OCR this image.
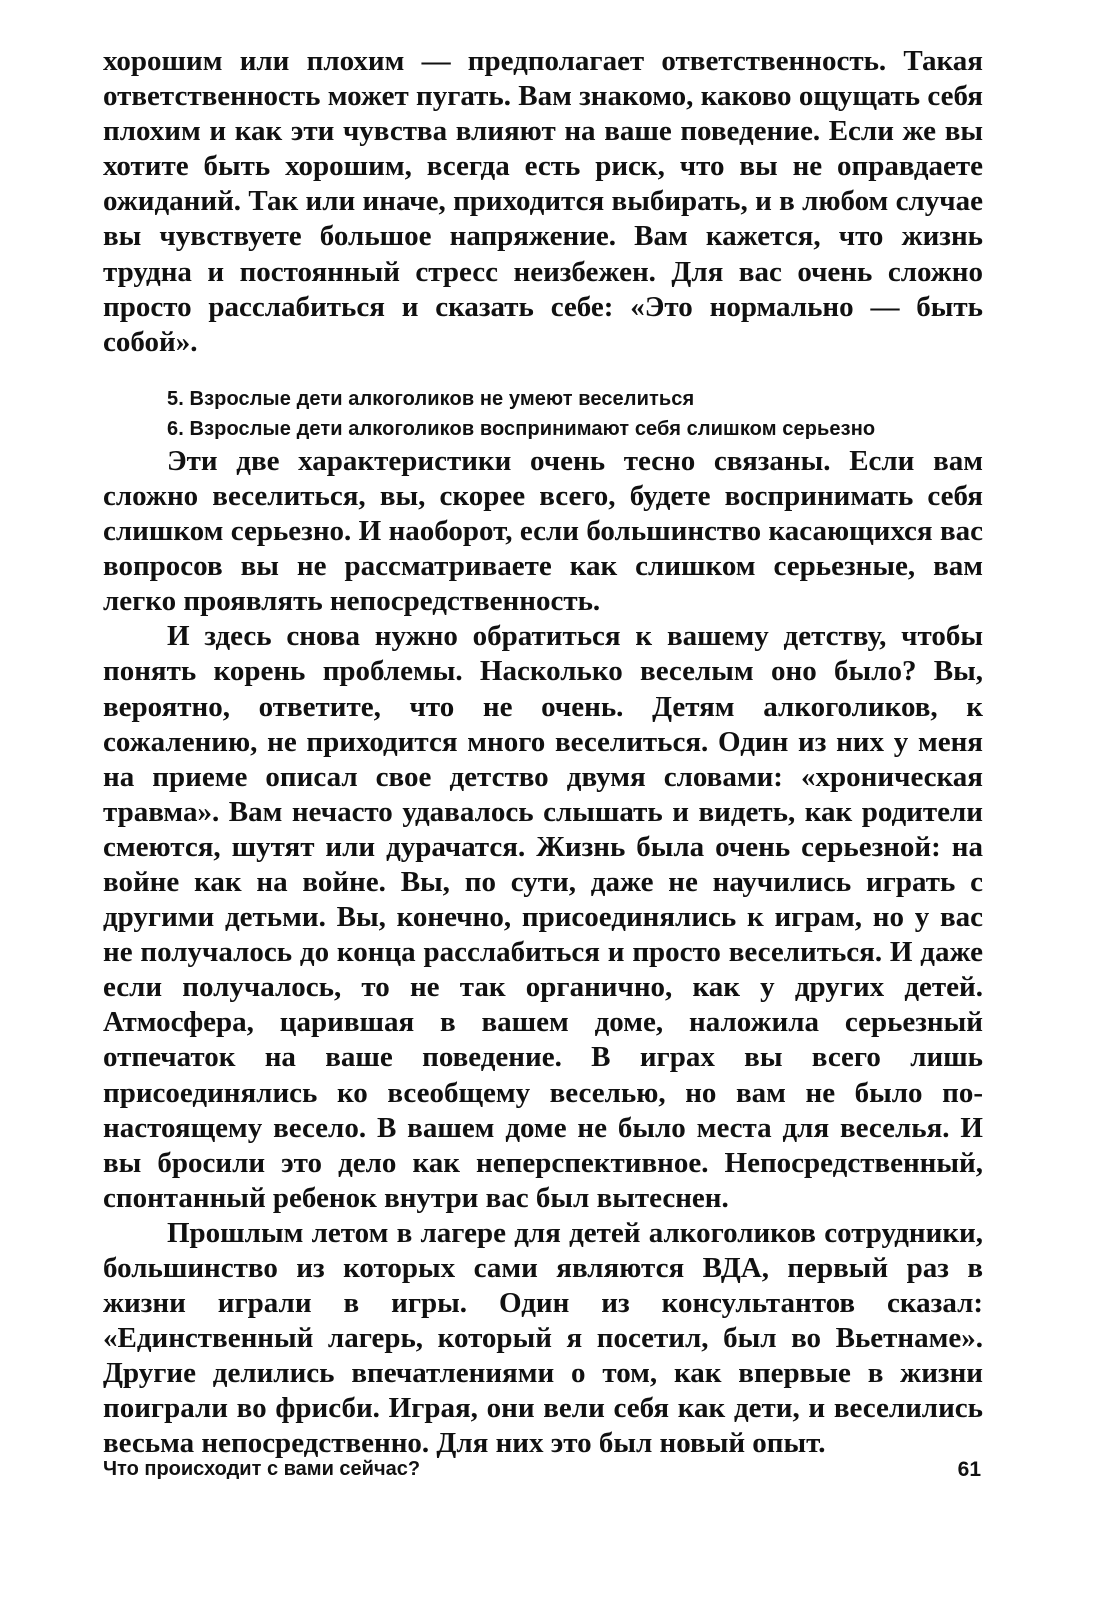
хорошим или плохим — предполагает ответственность. Такая ответственность может пугать. Вам знакомо, каково ощущать себя плохим и как эти чувства влияют на ваше поведение. Если же вы хотите быть хорошим, всегда есть риск, что вы не оправдаете ожиданий. Так или иначе, приходится выбирать, и в любом случае вы чувствуете большое напряжение. Вам кажется, что жизнь трудна и постоянный стресс неизбежен. Для вас очень сложно просто расслабиться и сказать себе: «Это нормально — быть собой».

5. Взрослые дети алкоголиков не умеют веселиться

6. Взрослые дети алкоголиков воспринимают себя слишком серьезно

Эти две характеристики очень тесно связаны. Если вам сложно веселиться, вы, скорее всего, будете воспринимать себя слишком серьезно. И наоборот, если большинство касающихся вас вопросов вы не рассматриваете как слишком серьезные, вам легко проявлять непосредственность.

И здесь снова нужно обратиться к вашему детству, чтобы понять корень проблемы. Насколько веселым оно было? Вы, вероятно, ответите, что не очень. Детям алкоголиков, к сожалению, не приходится много веселиться. Один из них у меня на приеме описал свое детство двумя словами: «хроническая травма». Вам нечасто удавалось слышать и видеть, как родители смеются, шутят или дурачатся. Жизнь была очень серьезной: на войне как на войне. Вы, по сути, даже не научились играть с другими детьми. Вы, конечно, присоединялись к играм, но у вас не получалось до конца расслабиться и просто веселиться. И даже если получалось, то не так органично, как у других детей. Атмосфера, царившая в вашем доме, наложила серьезный отпечаток на ваше поведение. В играх вы всего лишь присоединялись ко всеобщему веселью, но вам не было по-настоящему весело. В вашем доме не было места для веселья. И вы бросили это дело как неперспективное. Непосредственный, спонтанный ребенок внутри вас был вытеснен.

Прошлым летом в лагере для детей алкоголиков сотрудники, большинство из которых сами являются ВДА, первый раз в жизни играли в игры. Один из консультантов сказал: «Единственный лагерь, который я посетил, был во Вьетнаме». Другие делились впечатлениями о том, как впервые в жизни поиграли во фрисби. Играя, они вели себя как дети, и веселились весьма непосредственно. Для них это был новый опыт.

Что происходит с вами сейчас?	61
